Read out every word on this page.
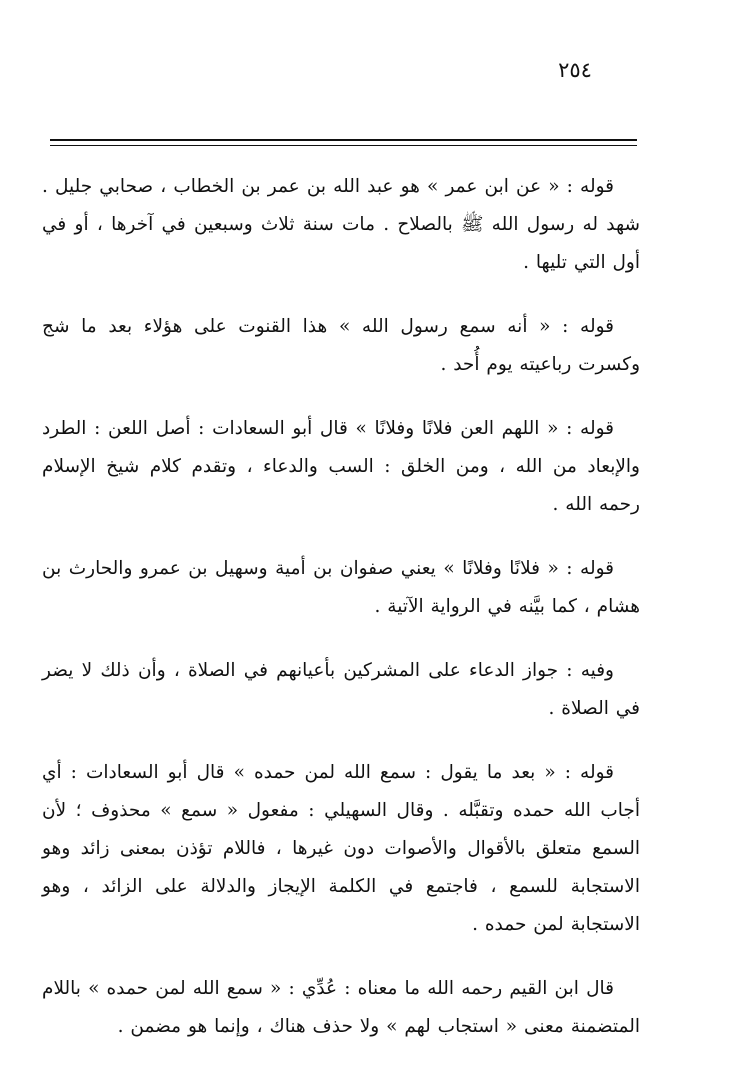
٢٥٤

قوله : « عن ابن عمر » هو عبد الله بن عمر بن الخطاب ، صحابي جليل . شهد له رسول الله ﷺ بالصلاح . مات سنة ثلاث وسبعين في آخرها ، أو في أول التي تليها .

قوله : « أنه سمع رسول الله » هذا القنوت على هؤلاء بعد ما شج وكسرت رباعيته يوم أُحد .

قوله : « اللهم العن فلانًا وفلانًا » قال أبو السعادات : أصل اللعن : الطرد والإبعاد من الله ، ومن الخلق : السب والدعاء ، وتقدم كلام شيخ الإسلام رحمه الله .

قوله : « فلانًا وفلانًا » يعني صفوان بن أمية وسهيل بن عمرو والحارث بن هشام ، كما بيَّنه في الرواية الآتية .

وفيه : جواز الدعاء على المشركين بأعيانهم في الصلاة ، وأن ذلك لا يضر في الصلاة .

قوله : « بعد ما يقول : سمع الله لمن حمده » قال أبو السعادات : أي أجاب الله حمده وتقبَّله . وقال السهيلي : مفعول « سمع » محذوف ؛ لأن السمع متعلق بالأقوال والأصوات دون غيرها ، فاللام تؤذن بمعنى زائد وهو الاستجابة للسمع ، فاجتمع في الكلمة الإيجاز والدلالة على الزائد ، وهو الاستجابة لمن حمده .

قال ابن القيم رحمه الله ما معناه : عُدِّي : « سمع الله لمن حمده » باللام المتضمنة معنى « استجاب لهم » ولا حذف هناك ، وإنما هو مضمن .
